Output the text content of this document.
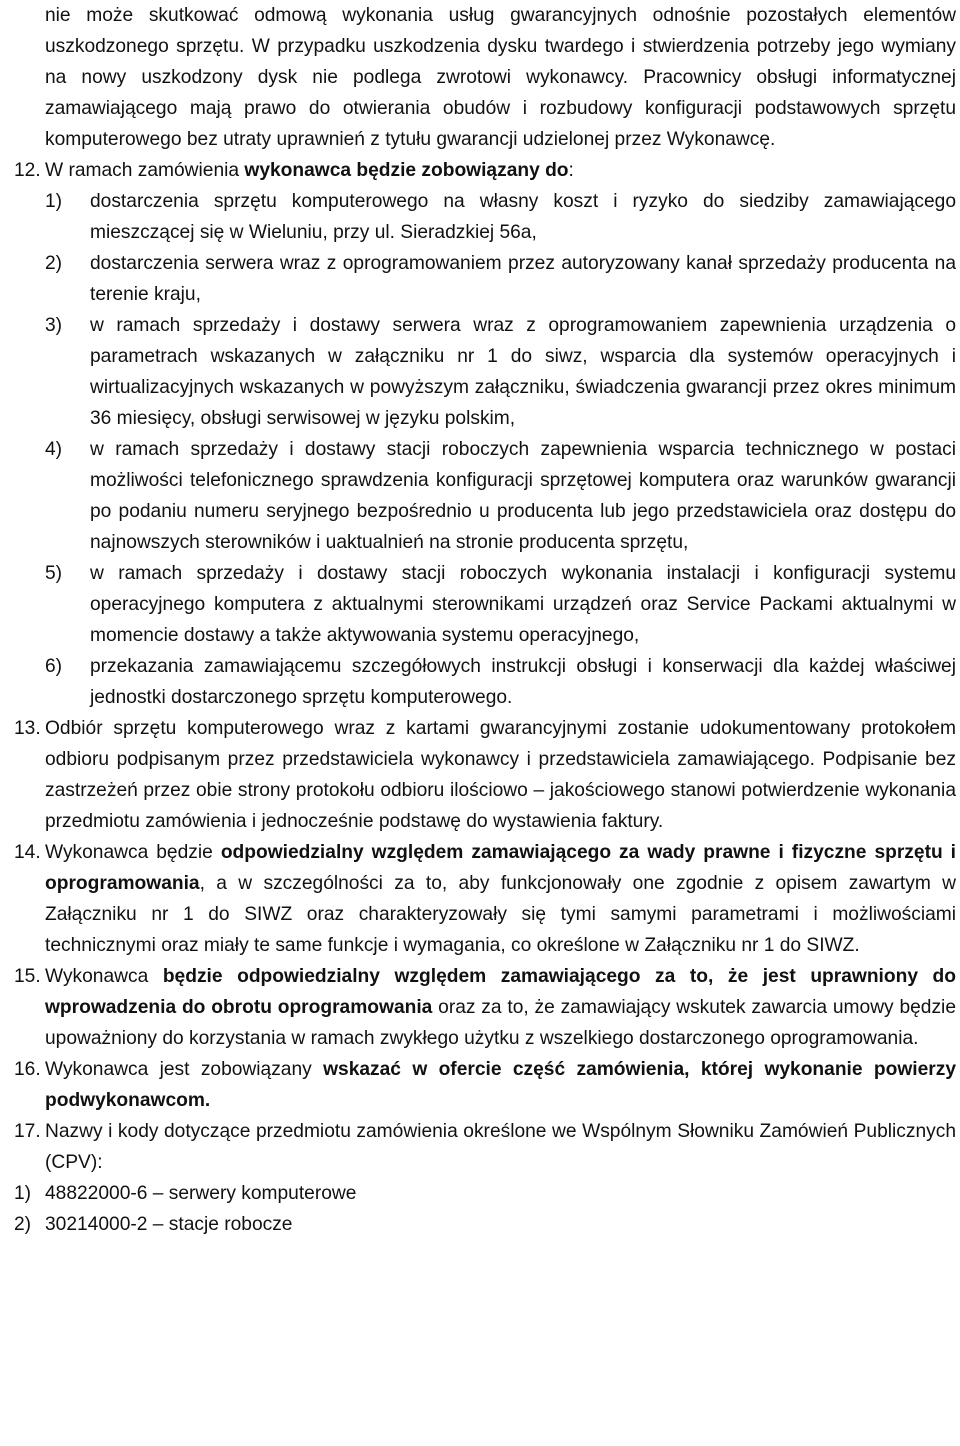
nie może skutkować odmową wykonania usług gwarancyjnych odnośnie pozostałych elementów uszkodzonego sprzętu. W przypadku uszkodzenia dysku twardego i stwierdzenia potrzeby jego wymiany na nowy uszkodzony dysk nie podlega zwrotowi wykonawcy. Pracownicy obsługi informatycznej zamawiającego mają prawo do otwierania obudów i rozbudowy konfiguracji podstawowych sprzętu komputerowego bez utraty uprawnień z tytułu gwarancji udzielonej przez Wykonawcę.

12. W ramach zamówienia wykonawca będzie zobowiązany do:

1) dostarczenia sprzętu komputerowego na własny koszt i ryzyko do siedziby zamawiającego mieszczącej się w Wieluniu, przy ul. Sieradzkiej 56a,

2) dostarczenia serwera wraz z oprogramowaniem przez autoryzowany kanał sprzedaży producenta na terenie kraju,

3) w ramach sprzedaży i dostawy serwera wraz z oprogramowaniem zapewnienia urządzenia o parametrach wskazanych w załączniku nr 1 do siwz, wsparcia dla systemów operacyjnych i wirtualizacyjnych wskazanych w powyższym załączniku, świadczenia gwarancji przez okres minimum 36 miesięcy, obsługi serwisowej w języku polskim,

4) w ramach sprzedaży i dostawy stacji roboczych zapewnienia wsparcia technicznego w postaci możliwości telefonicznego sprawdzenia konfiguracji sprzętowej komputera oraz warunków gwarancji po podaniu numeru seryjnego bezpośrednio u producenta lub jego przedstawiciela oraz dostępu do najnowszych sterowników i uaktualnień na stronie producenta sprzętu,

5) w ramach sprzedaży i dostawy stacji roboczych wykonania instalacji i konfiguracji systemu operacyjnego komputera z aktualnymi sterownikami urządzeń oraz Service Packami aktualnymi w momencie dostawy a także aktywowania systemu operacyjnego,

6) przekazania zamawiającemu szczegółowych instrukcji obsługi i konserwacji dla każdej właściwej jednostki dostarczonego sprzętu komputerowego.

13. Odbiór sprzętu komputerowego wraz z kartami gwarancyjnymi zostanie udokumentowany protokołem odbioru podpisanym przez przedstawiciela wykonawcy i przedstawiciela zamawiającego. Podpisanie bez zastrzeżeń przez obie strony protokołu odbioru ilościowo – jakościowego stanowi potwierdzenie wykonania przedmiotu zamówienia i jednocześnie podstawę do wystawienia faktury.

14. Wykonawca będzie odpowiedzialny względem zamawiającego za wady prawne i fizyczne sprzętu i oprogramowania, a w szczególności za to, aby funkcjonowały one zgodnie z opisem zawartym w Załączniku nr 1 do SIWZ oraz charakteryzowały się tymi samymi parametrami i możliwościami technicznymi oraz miały te same funkcje i wymagania, co określone w Załączniku nr 1 do SIWZ.

15. Wykonawca będzie odpowiedzialny względem zamawiającego za to, że jest uprawniony do wprowadzenia do obrotu oprogramowania oraz za to, że zamawiający wskutek zawarcia umowy będzie upoważniony do korzystania w ramach zwykłego użytku z wszelkiego dostarczonego oprogramowania.

16. Wykonawca jest zobowiązany wskazać w ofercie część zamówienia, której wykonanie powierzy podwykonawcom.

17. Nazwy i kody dotyczące przedmiotu zamówienia określone we Wspólnym Słowniku Zamówień Publicznych (CPV):

1) 48822000-6 – serwery komputerowe

2) 30214000-2 – stacje robocze
